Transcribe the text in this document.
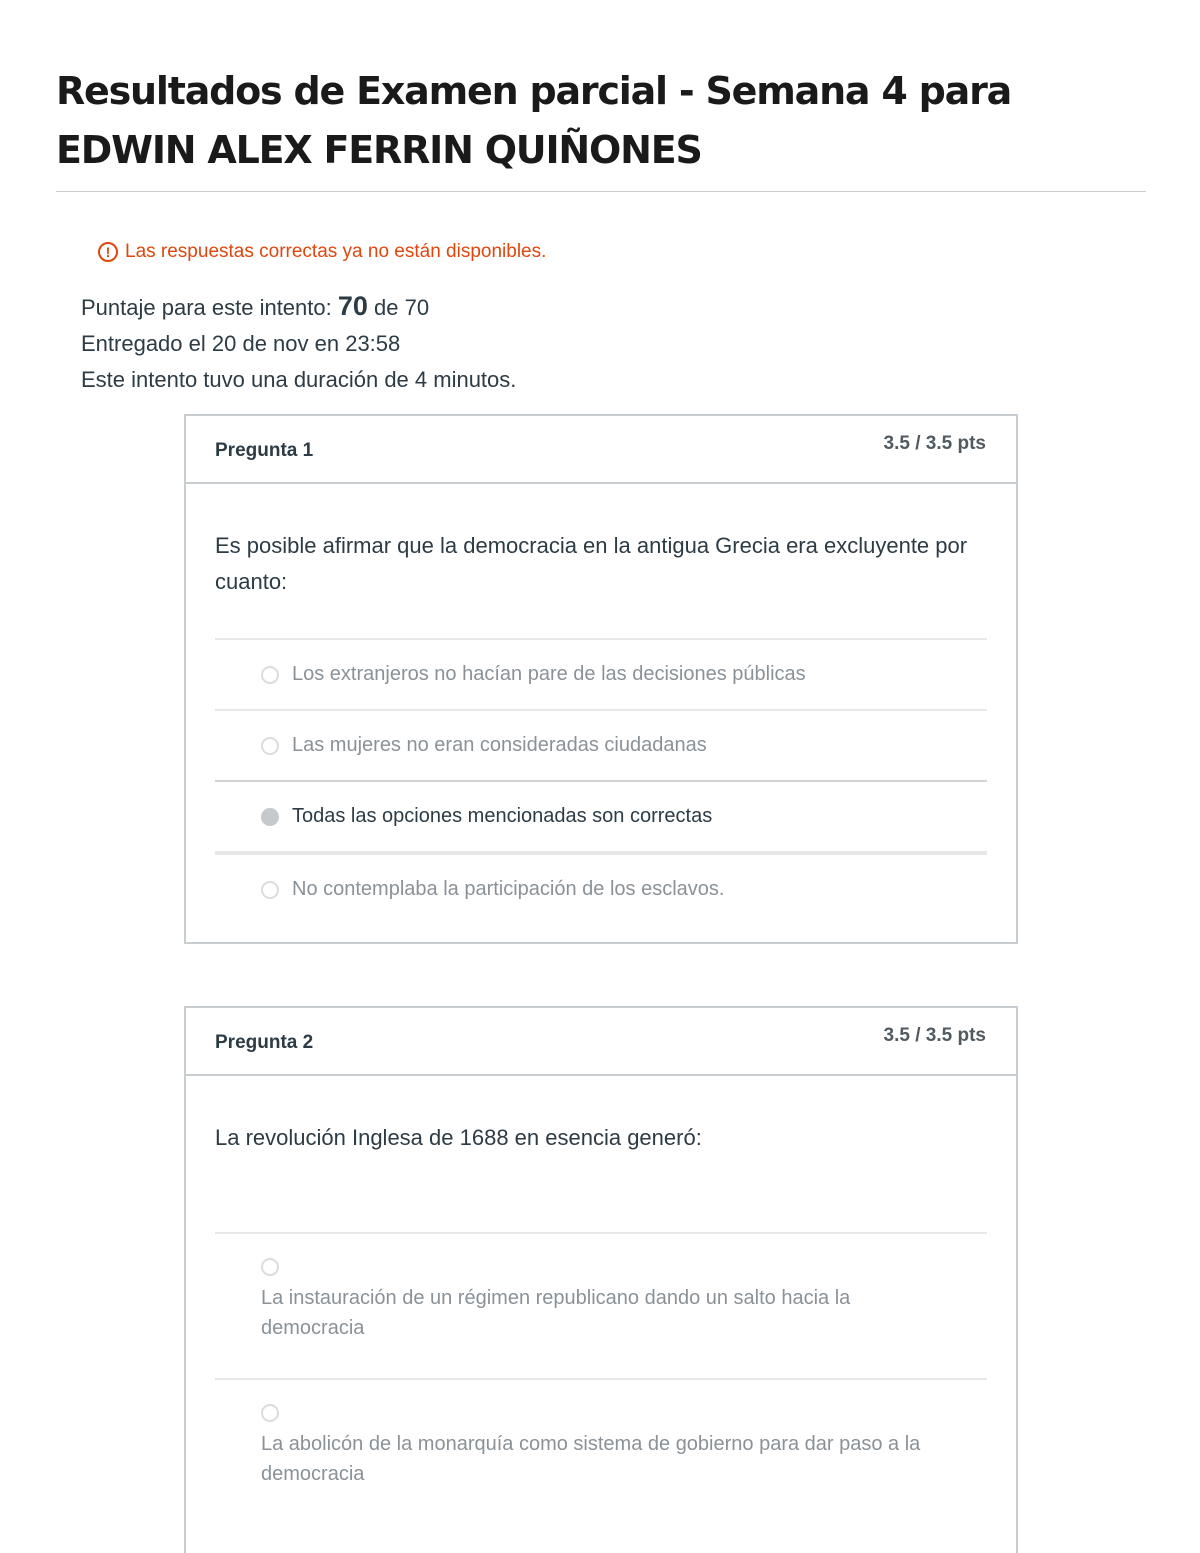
Resultados de Examen parcial - Semana 4 para EDWIN ALEX FERRIN QUIÑONES
! Las respuestas correctas ya no están disponibles.
Puntaje para este intento: 70 de 70
Entregado el 20 de nov en 23:58
Este intento tuvo una duración de 4 minutos.
Pregunta 1	3.5 / 3.5 pts

Es posible afirmar que la democracia en la antigua Grecia era excluyente por cuanto:

Los extranjeros no hacían pare de las decisiones públicas
Las mujeres no eran consideradas ciudadanas
Todas las opciones mencionadas son correctas
No contemplaba la participación de los esclavos.
Pregunta 2	3.5 / 3.5 pts

La revolución Inglesa de 1688 en esencia generó:

La instauración de un régimen republicano dando un salto hacia la democracia
La abolicón de la monarquía como sistema de gobierno para dar paso a la democracia
